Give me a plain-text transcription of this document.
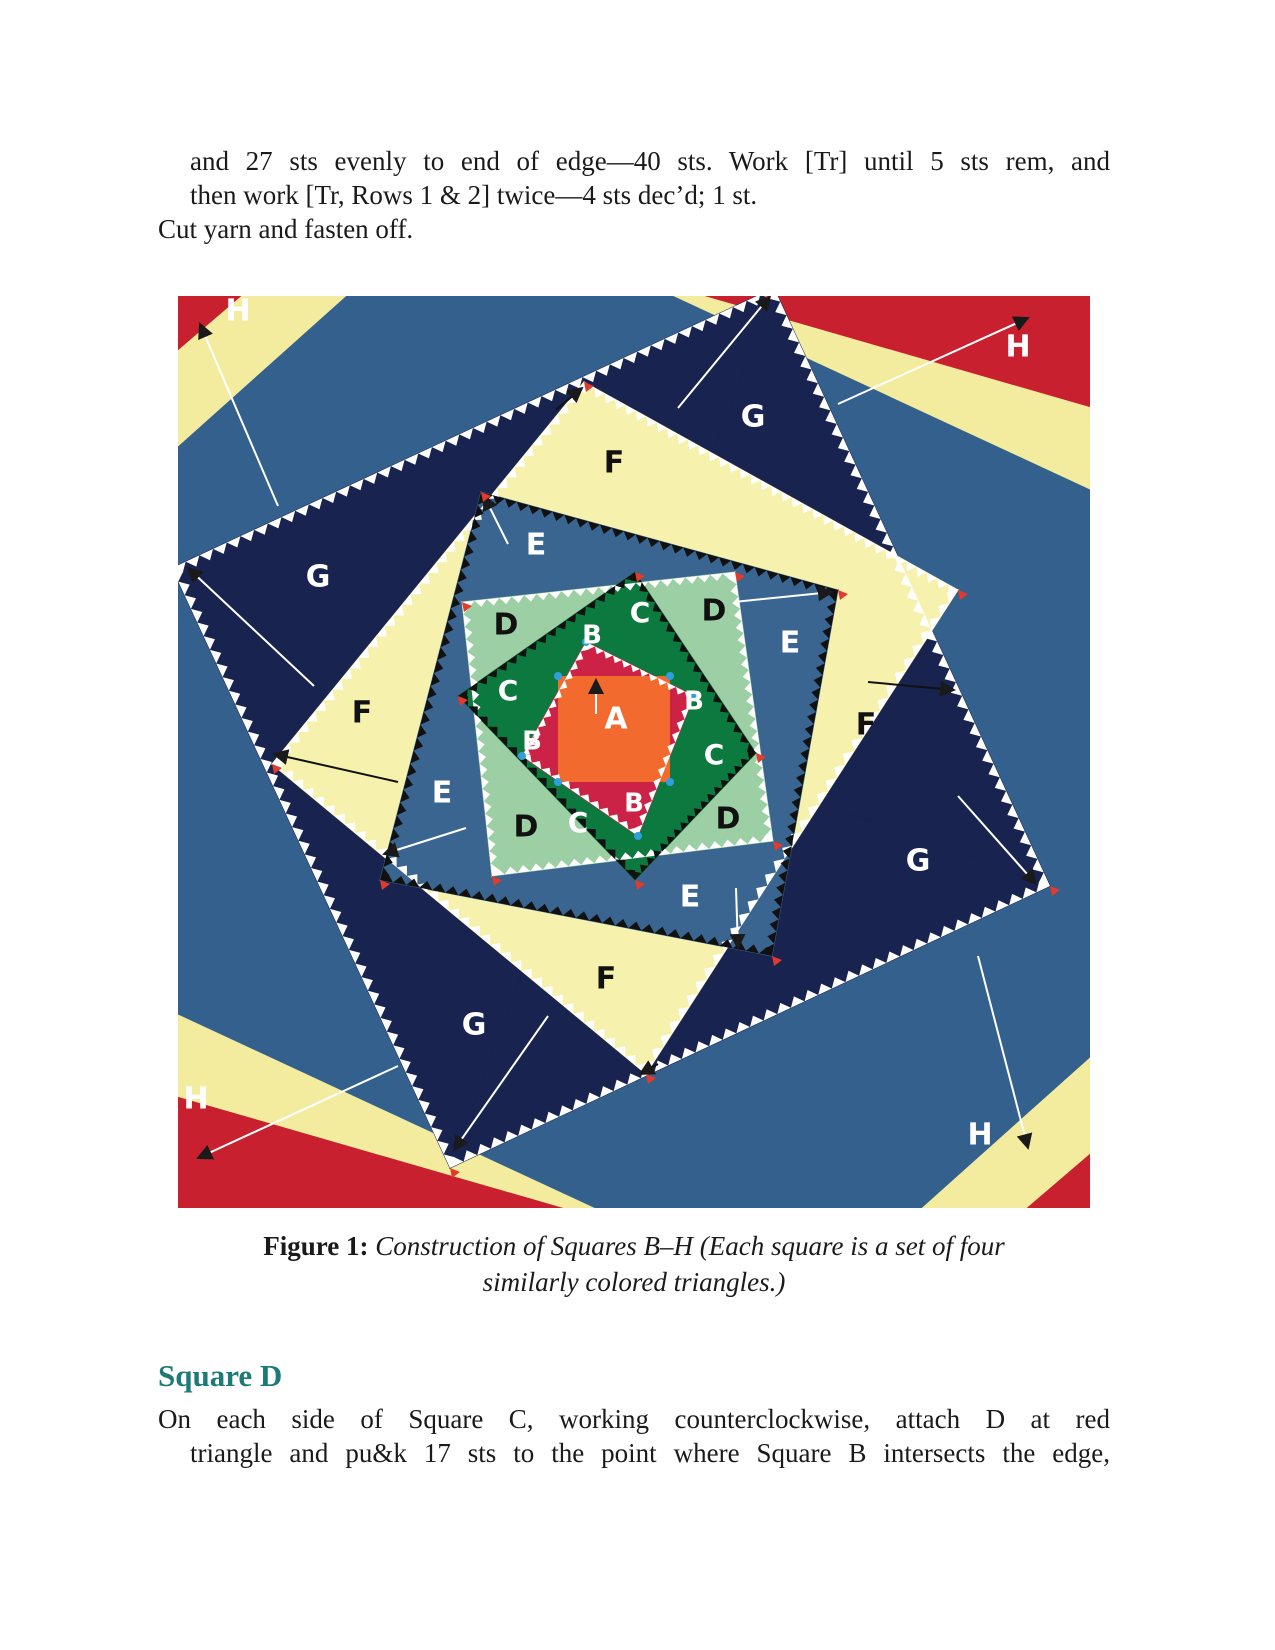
and 27 sts evenly to end of edge—40 sts. Work [Tr] until 5 sts rem, and

then work [Tr, Rows 1 & 2] twice—4 sts dec’d; 1 st.

Cut yarn and fasten off.

H
H
H
H
G
G
G
G
F
F	F
F
E
E
E
E
D	D
D	D
C
C
C
C
B
B
B
B
A
Figure 1: Construction of Squares B–H (Each square is a set of four
similarly colored triangles.)
Square D

On each side of Square C, working counterclockwise, attach D at red

triangle and pu&k 17 sts to the point where Square B intersects the edge,
